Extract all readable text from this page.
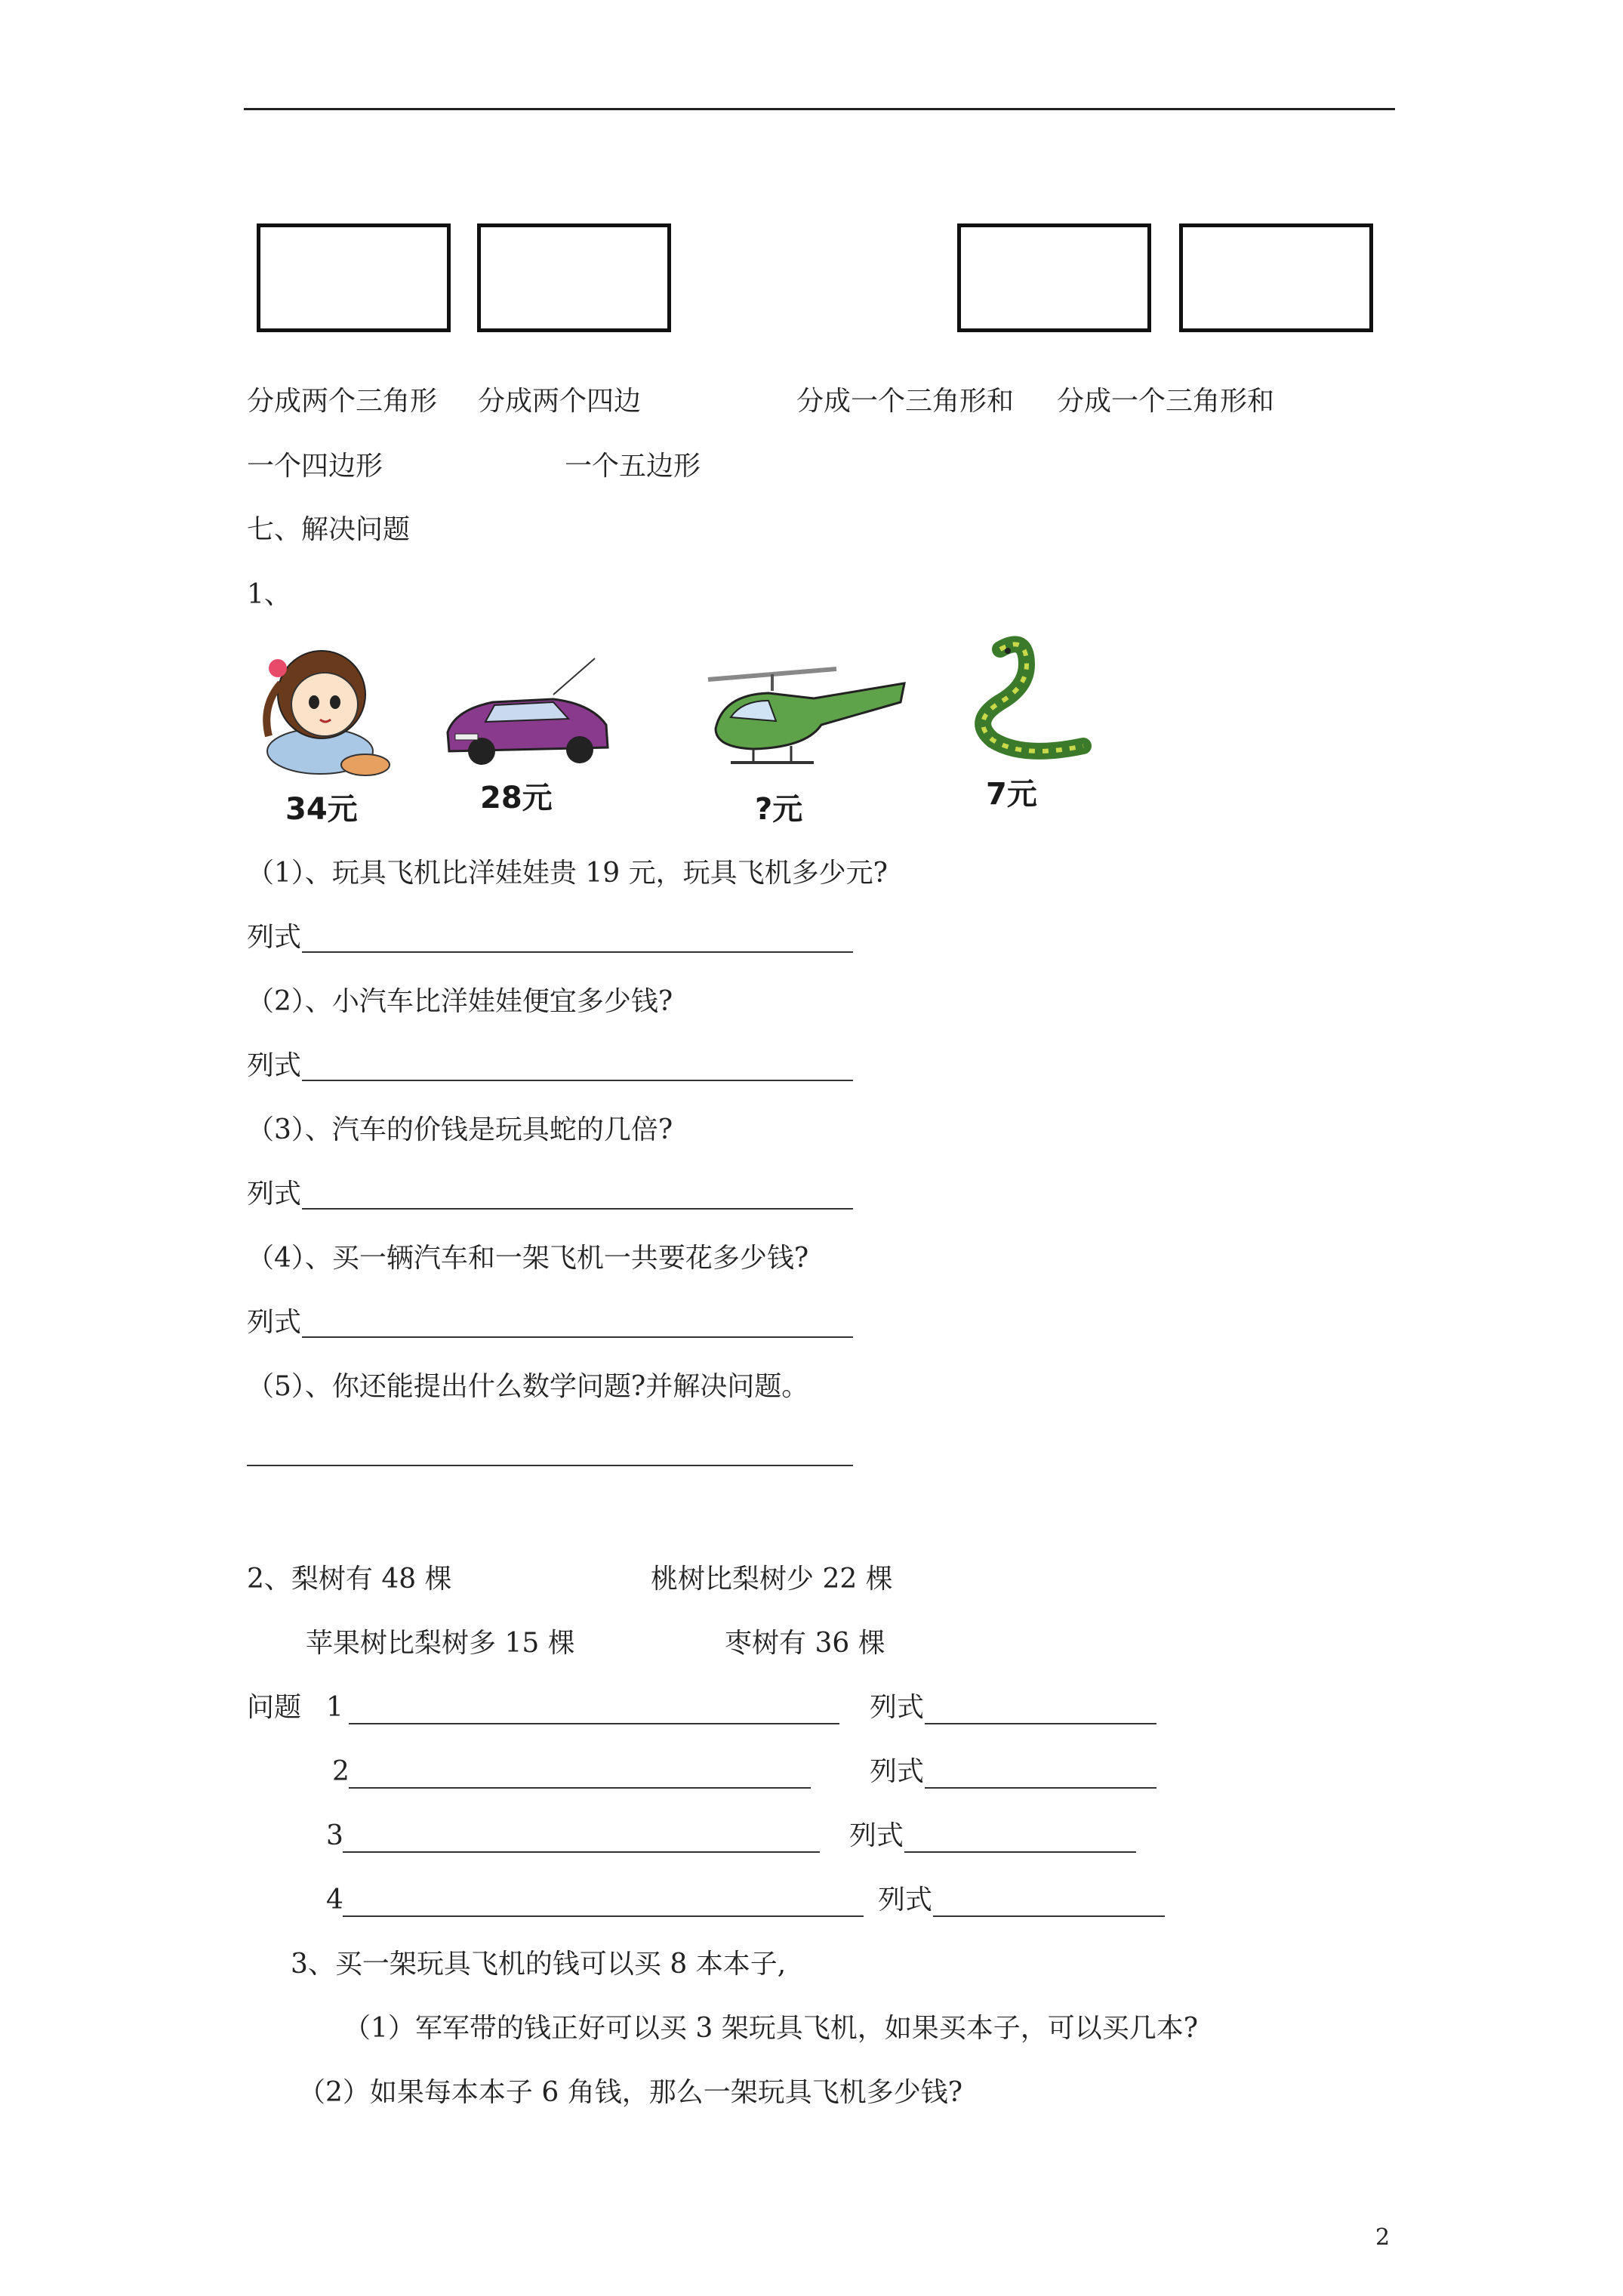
分成两个三角形 分成两个四边	分成一个三角形和 分成一个三角形和
一个四边形	一个五边形
七、解决问题
1、
34元	28元	?元	7元
（1）、玩具飞机比洋娃娃贵 19 元，玩具飞机多少元?
列式
（2）、小汽车比洋娃娃便宜多少钱?
列式
（3）、汽车的价钱是玩具蛇的几倍?
列式
（4）、买一辆汽车和一架飞机一共要花多少钱?
列式
（5）、你还能提出什么数学问题?并解决问题。
2、梨树有 48 棵	桃树比梨树少 22 棵
苹果树比梨树多 15 棵	枣树有 36 棵
问题 1	列式
2	列式
3	列式
4	列式
3、买一架玩具飞机的钱可以买 8 本本子,
（1）军军带的钱正好可以买 3 架玩具飞机，如果买本子，可以买几本?
（2）如果每本本子 6 角钱，那么一架玩具飞机多少钱?
2
